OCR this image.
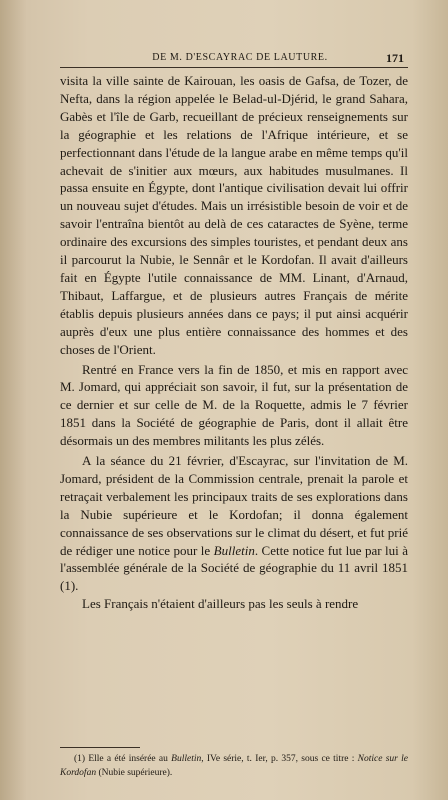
DE M. D'ESCAYRAC DE LAUTURE.	171

visita la ville sainte de Kairouan, les oasis de Gafsa, de Tozer, de Nefta, dans la région appelée le Belad-ul-Djérid, le grand Sahara, Gabès et l'île de Garb, recueillant de précieux renseignements sur la géographie et les relations de l'Afrique intérieure, et se perfectionnant dans l'étude de la langue arabe en même temps qu'il achevait de s'initier aux mœurs, aux habitudes musulmanes. Il passa ensuite en Égypte, dont l'antique civilisation devait lui offrir un nouveau sujet d'études. Mais un irrésistible besoin de voir et de savoir l'entraîna bientôt au delà de ces cataractes de Syène, terme ordinaire des excursions des simples touristes, et pendant deux ans il parcourut la Nubie, le Sennâr et le Kordofan. Il avait d'ailleurs fait en Égypte l'utile connaissance de MM. Linant, d'Arnaud, Thibaut, Laffargue, et de plusieurs autres Français de mérite établis depuis plusieurs années dans ce pays; il put ainsi acquérir auprès d'eux une plus entière connaissance des hommes et des choses de l'Orient.

Rentré en France vers la fin de 1850, et mis en rapport avec M. Jomard, qui appréciait son savoir, il fut, sur la présentation de ce dernier et sur celle de M. de la Roquette, admis le 7 février 1851 dans la Société de géographie de Paris, dont il allait être désormais un des membres militants les plus zélés.

A la séance du 21 février, d'Escayrac, sur l'invitation de M. Jomard, président de la Commission centrale, prenait la parole et retraçait verbalement les principaux traits de ses explorations dans la Nubie supérieure et le Kordofan; il donna également connaissance de ses observations sur le climat du désert, et fut prié de rédiger une notice pour le Bulletin. Cette notice fut lue par lui à l'assemblée générale de la Société de géographie du 11 avril 1851 (1).

Les Français n'étaient d'ailleurs pas les seuls à rendre

(1) Elle a été insérée au Bulletin, IVe série, t. Ier, p. 357, sous ce titre : Notice sur le Kordofan (Nubie supérieure).
